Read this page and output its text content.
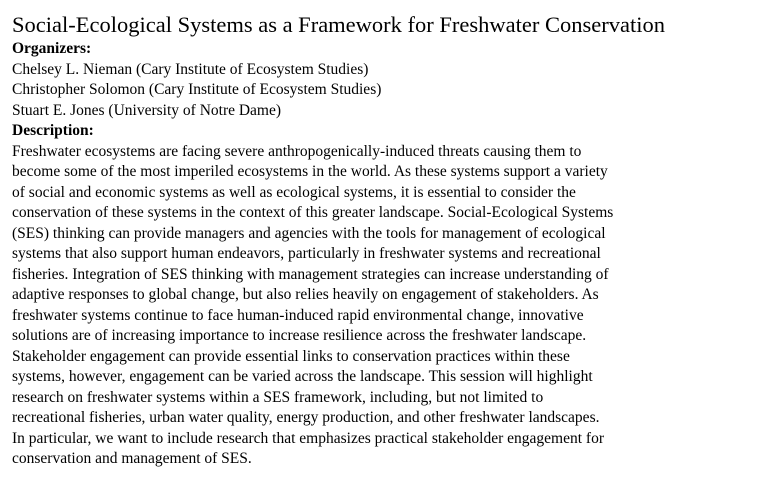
Social-Ecological Systems as a Framework for Freshwater Conservation
Organizers:
Chelsey L. Nieman (Cary Institute of Ecosystem Studies)
Christopher Solomon (Cary Institute of Ecosystem Studies)
Stuart E. Jones (University of Notre Dame)
Description:
Freshwater ecosystems are facing severe anthropogenically-induced threats causing them to
become some of the most imperiled ecosystems in the world. As these systems support a variety
of social and economic systems as well as ecological systems, it is essential to consider the
conservation of these systems in the context of this greater landscape. Social-Ecological Systems
(SES) thinking can provide managers and agencies with the tools for management of ecological
systems that also support human endeavors, particularly in freshwater systems and recreational
fisheries. Integration of SES thinking with management strategies can increase understanding of
adaptive responses to global change, but also relies heavily on engagement of stakeholders. As
freshwater systems continue to face human-induced rapid environmental change, innovative
solutions are of increasing importance to increase resilience across the freshwater landscape.
Stakeholder engagement can provide essential links to conservation practices within these
systems, however, engagement can be varied across the landscape. This session will highlight
research on freshwater systems within a SES framework, including, but not limited to
recreational fisheries, urban water quality, energy production, and other freshwater landscapes.
In particular, we want to include research that emphasizes practical stakeholder engagement for
conservation and management of SES.
